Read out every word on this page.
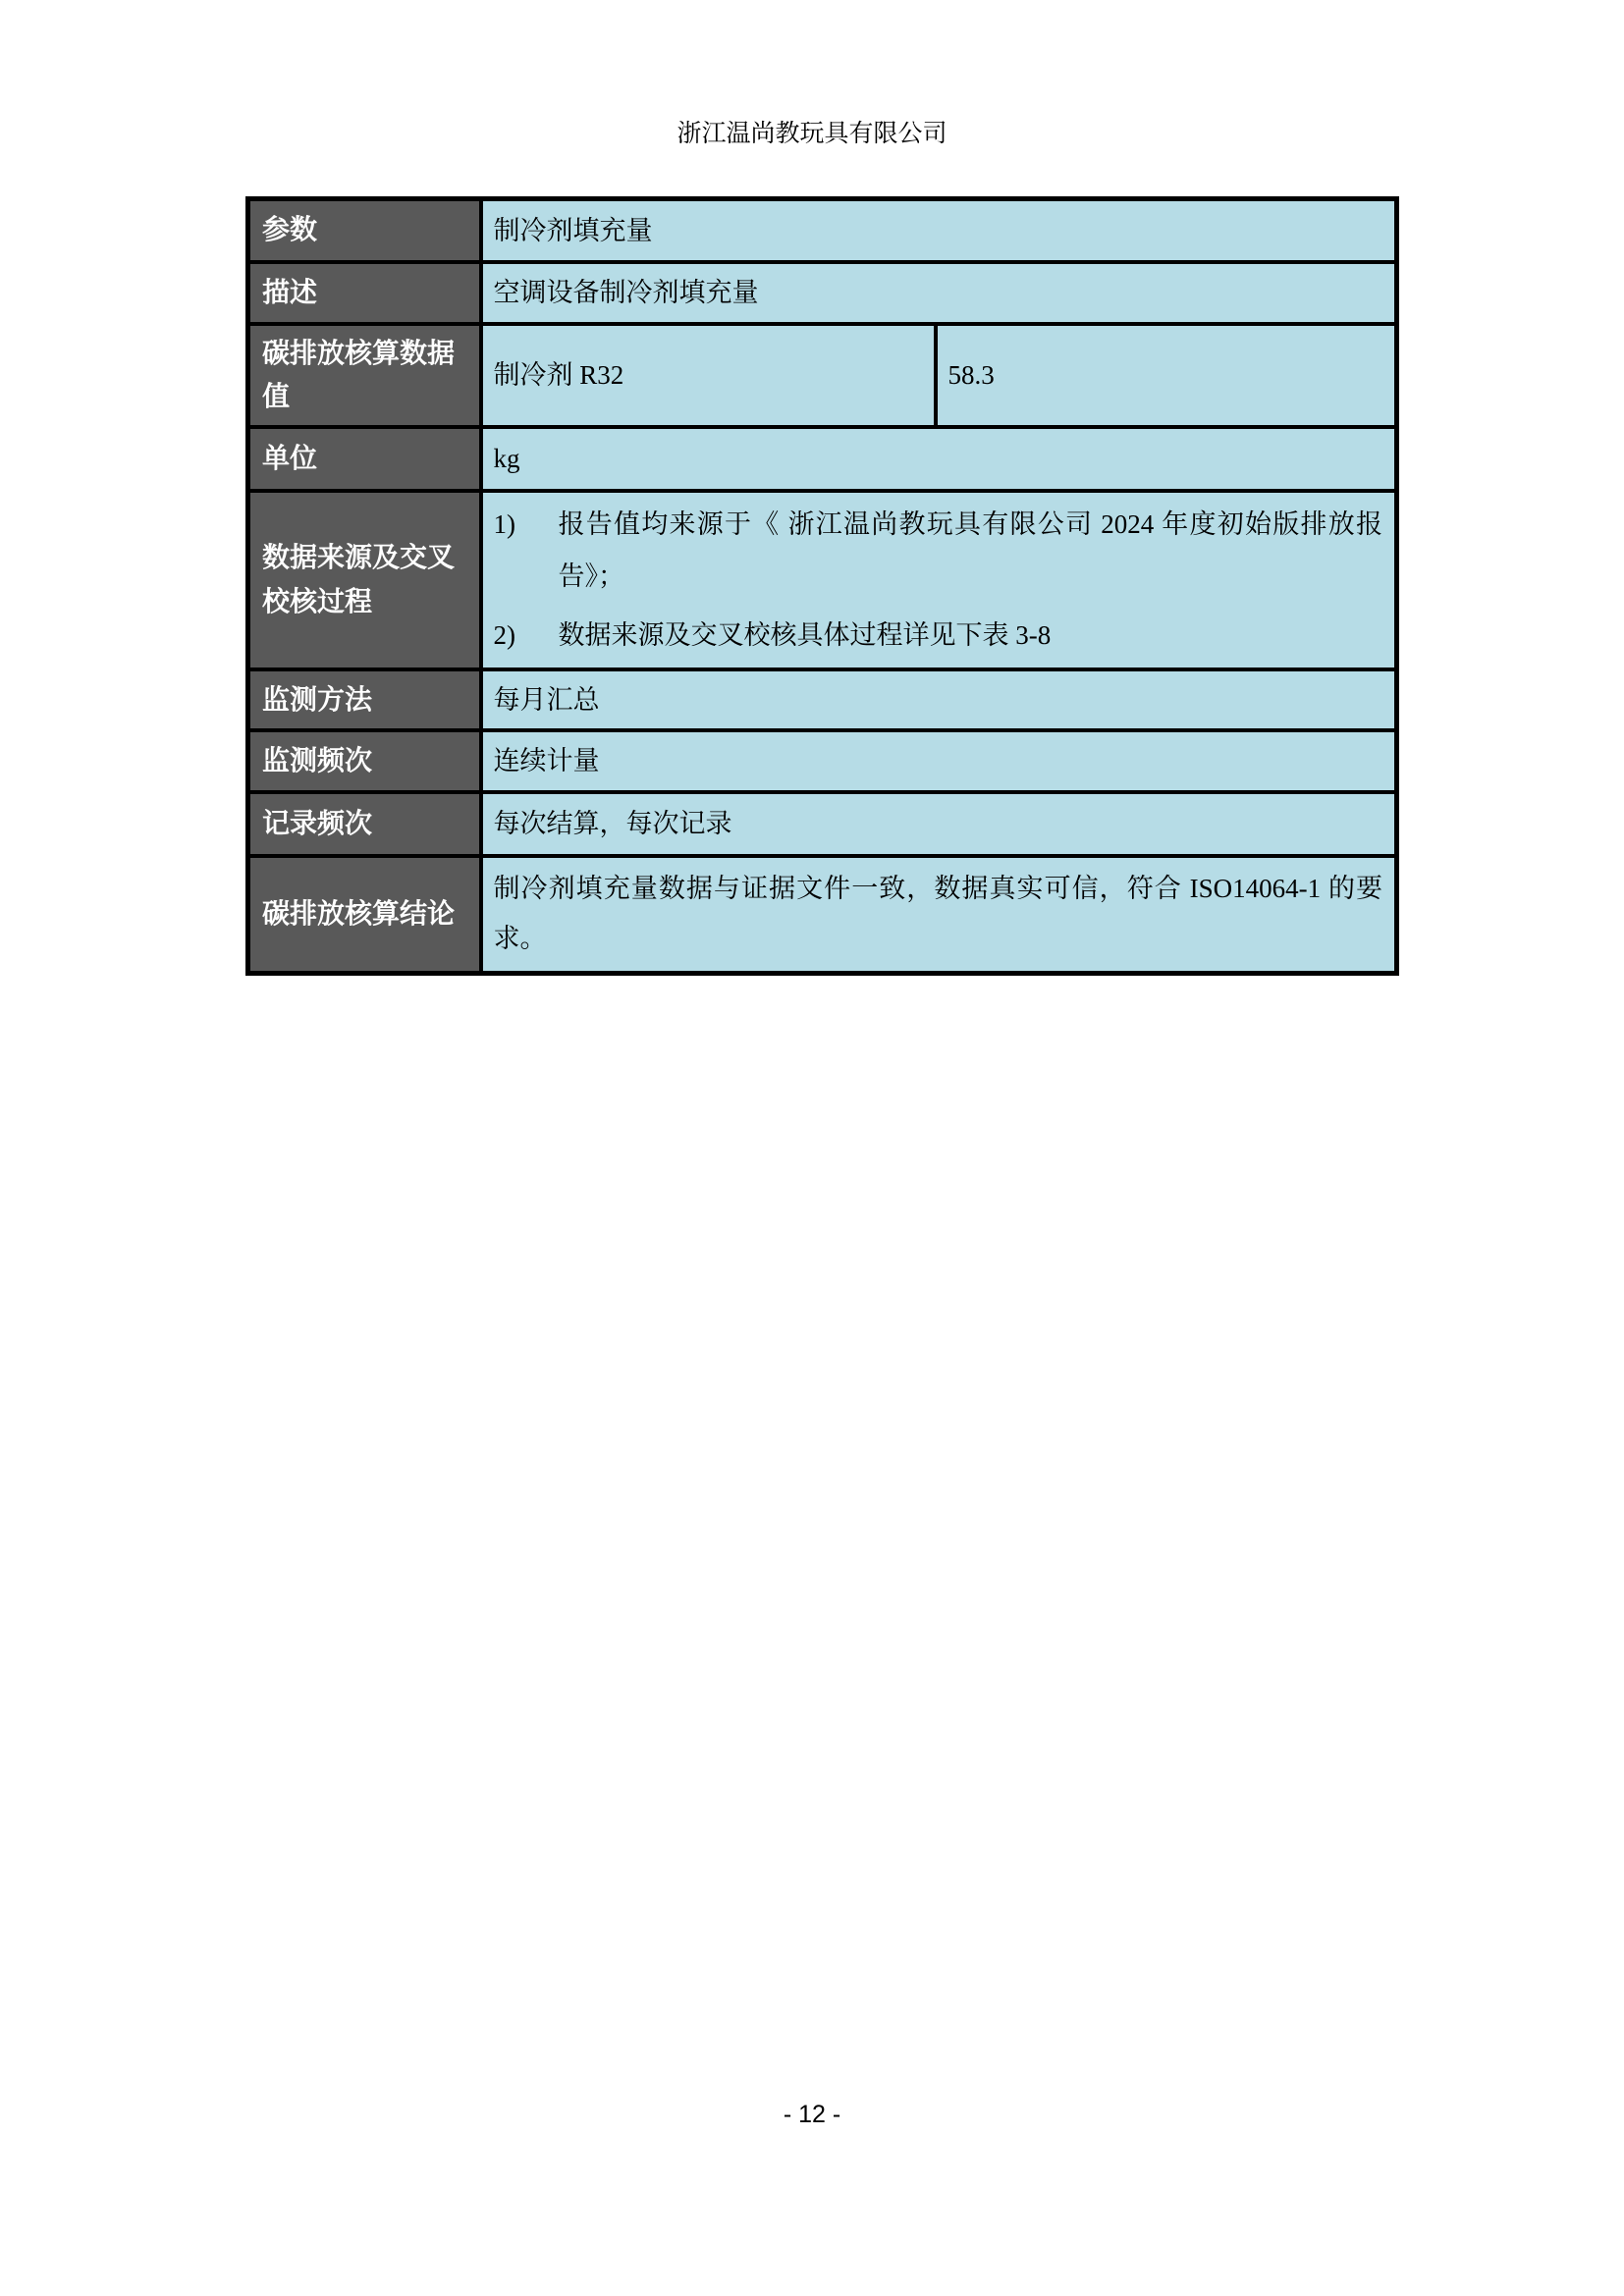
浙江温尚教玩具有限公司
参数	制冷剂填充量	
描述	空调设备制冷剂填充量	
碳排放核算数据值	制冷剂 R32	58.3
单位	kg	
数据来源及交叉校核过程	1) 报告值均来源于《 浙江温尚教玩具有限公司 2024 年度初始版排放报告》；
2) 数据来源及交叉校核具体过程详见下表 3-8	

监测方法	每月汇总	
监测频次	连续计量	
记录频次	每次结算，每次记录	
碳排放核算结论	制冷剂填充量数据与证据文件一致，数据真实可信，符合 ISO14064-1 的要求。	
- 12 -
